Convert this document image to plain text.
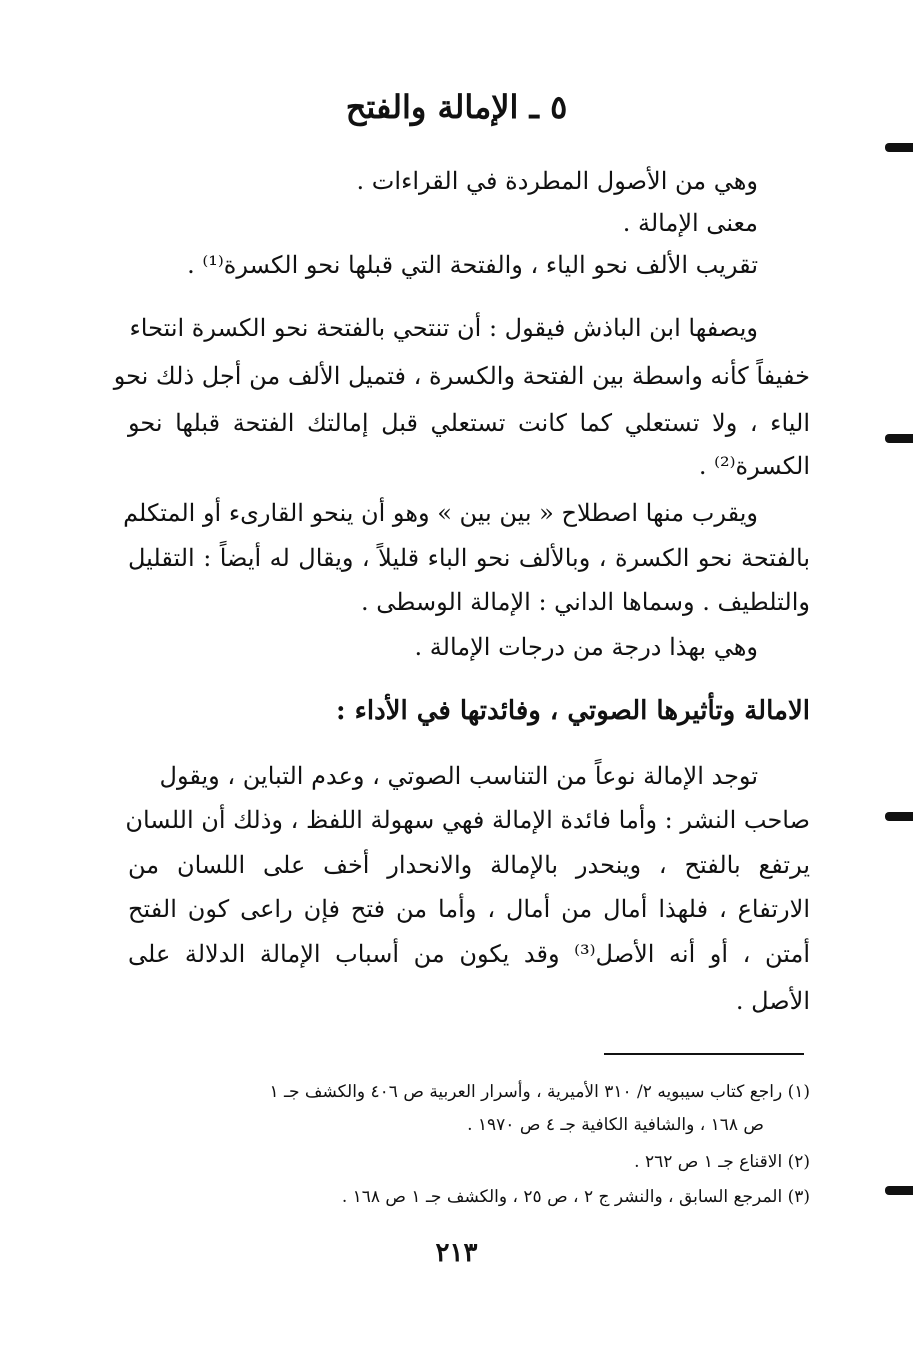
٥ ـ الإمالة والفتح
وهي من الأصول المطردة في القراءات .
معنى الإمالة .
تقريب الألف نحو الياء ، والفتحة التي قبلها نحو الكسرة⁽¹⁾ .
ويصفها ابن الباذش فيقول : أن تنتحي بالفتحة نحو الكسرة انتحاء
خفيفاً كأنه واسطة بين الفتحة والكسرة ، فتميل الألف من أجل ذلك نحو
الياء ، ولا تستعلي كما كانت تستعلي قبل إمالتك الفتحة قبلها نحو
الكسرة⁽²⁾ .
ويقرب منها اصطلاح « بين بين » وهو أن ينحو القارىء أو المتكلم
بالفتحة نحو الكسرة ، وبالألف نحو الباء قليلاً ، ويقال له أيضاً : التقليل
والتلطيف . وسماها الداني : الإمالة الوسطى .
وهي بهذا درجة من درجات الإمالة .
الامالة وتأثيرها الصوتي ، وفائدتها في الأداء :
توجد الإمالة نوعاً من التناسب الصوتي ، وعدم التباين ، ويقول
صاحب النشر : وأما فائدة الإمالة فهي سهولة اللفظ ، وذلك أن اللسان
يرتفع بالفتح ، وينحدر بالإمالة والانحدار أخف على اللسان من
الارتفاع ، فلهذا أمال من أمال ، وأما من فتح فإن راعى كون الفتح
أمتن ، أو أنه الأصل⁽³⁾ وقد يكون من أسباب الإمالة الدلالة على
الأصل .
(١) راجع كتاب سيبويه ٢/ ٣١٠ الأميرية ، وأسرار العربية ص ٤٠٦ والكشف جـ ١
ص ١٦٨ ، والشافية الكافية جـ ٤ ص ١٩٧٠ .
(٢) الاقناع جـ ١ ص ٢٦٢ .
(٣) المرجع السابق ، والنشر ج ٢ ، ص ٢٥ ، والكشف جـ ١ ص ١٦٨ .
٢١٣
